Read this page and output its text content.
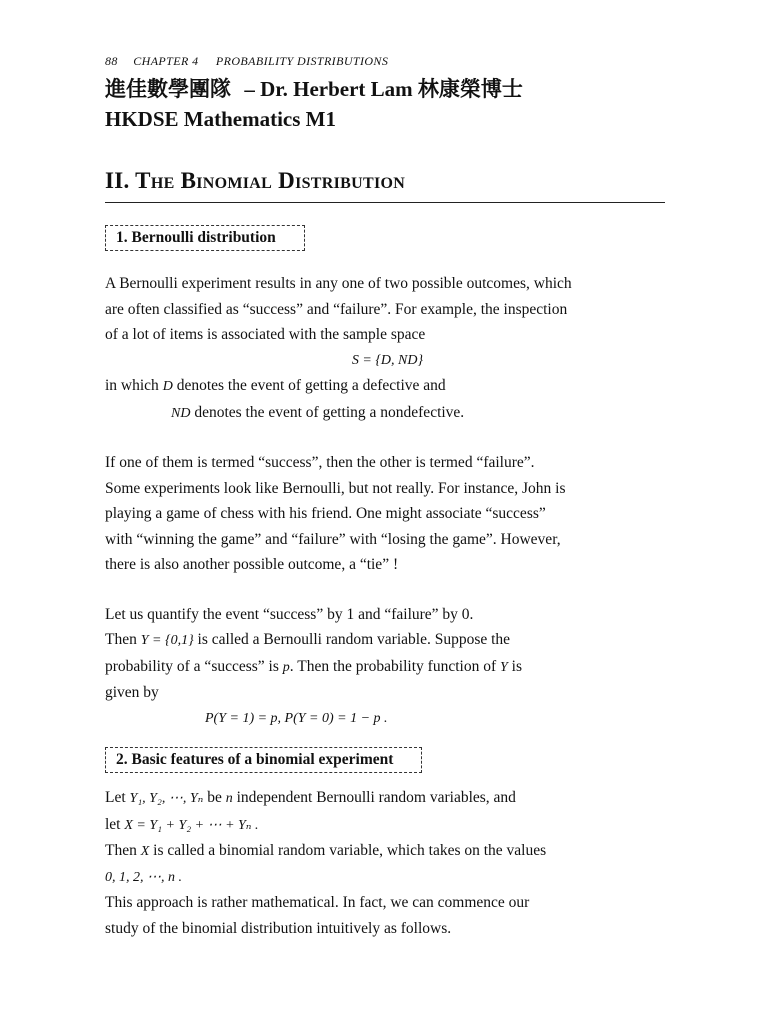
88 CHAPTER 4 PROBABILITY DISTRIBUTIONS
進佳數學團隊 – Dr. Herbert Lam 林康榮博士
HKDSE Mathematics M1
II. The Binomial Distribution
1. Bernoulli distribution

A Bernoulli experiment results in any one of two possible outcomes, which

are often classified as “success” and “failure”. For example, the inspection

of a lot of items is associated with the sample space

S = {D, ND}

in which D denotes the event of getting a defective and

ND denotes the event of getting a nondefective.

If one of them is termed “success”, then the other is termed “failure”.

Some experiments look like Bernoulli, but not really. For instance, John is

playing a game of chess with his friend. One might associate “success”

with “winning the game” and “failure” with “losing the game”. However,

there is also another possible outcome, a “tie” !

Let us quantify the event “success” by 1 and “failure” by 0.

Then Y = {0,1} is called a Bernoulli random variable. Suppose the

probability of a “success” is p. Then the probability function of Y is

given by

P(Y = 1) = p, P(Y = 0) = 1 − p .

2. Basic features of a binomial experiment

Let Y₁, Y₂, ⋯, Yₙ be n independent Bernoulli random variables, and

let X = Y₁ + Y₂ + ⋯ + Yₙ .

Then X is called a binomial random variable, which takes on the values

0, 1, 2, ⋯, n .

This approach is rather mathematical. In fact, we can commence our

study of the binomial distribution intuitively as follows.
